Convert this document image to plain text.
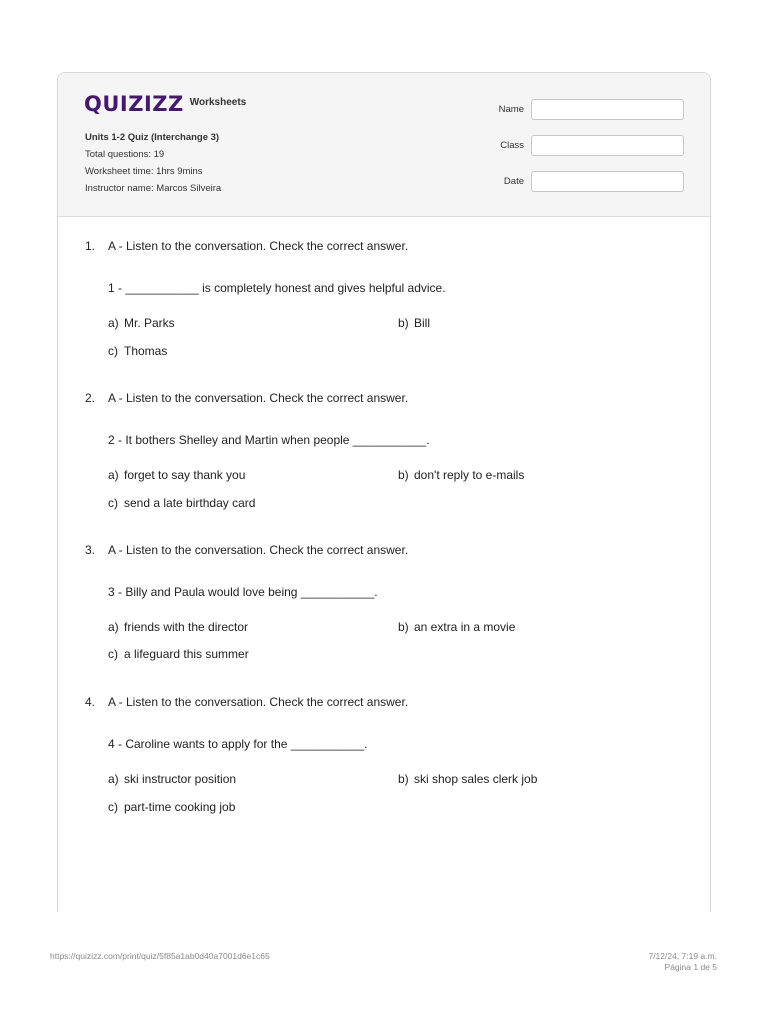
QUIZIZZ Worksheets
Units 1-2 Quiz (Interchange 3)
Total questions: 19
Worksheet time: 1hrs 9mins
Instructor name: Marcos Silveira
Name
Class
Date
1. A - Listen to the conversation. Check the correct answer.
1 - ___________ is completely honest and gives helpful advice.
a) Mr. Parks	b) Bill
c) Thomas
2. A - Listen to the conversation. Check the correct answer.
2 - It bothers Shelley and Martin when people ___________.
a) forget to say thank you	b) don't reply to e-mails
c) send a late birthday card
3. A - Listen to the conversation. Check the correct answer.
3 - Billy and Paula would love being ___________.
a) friends with the director	b) an extra in a movie
c) a lifeguard this summer
4. A - Listen to the conversation. Check the correct answer.
4 - Caroline wants to apply for the ___________.
a) ski instructor position	b) ski shop sales clerk job
c) part-time cooking job
https://quizizz.com/print/quiz/5f85a1ab0d40a7001d6e1c65	7/12/24, 7:19 a.m.
Página 1 de 5
